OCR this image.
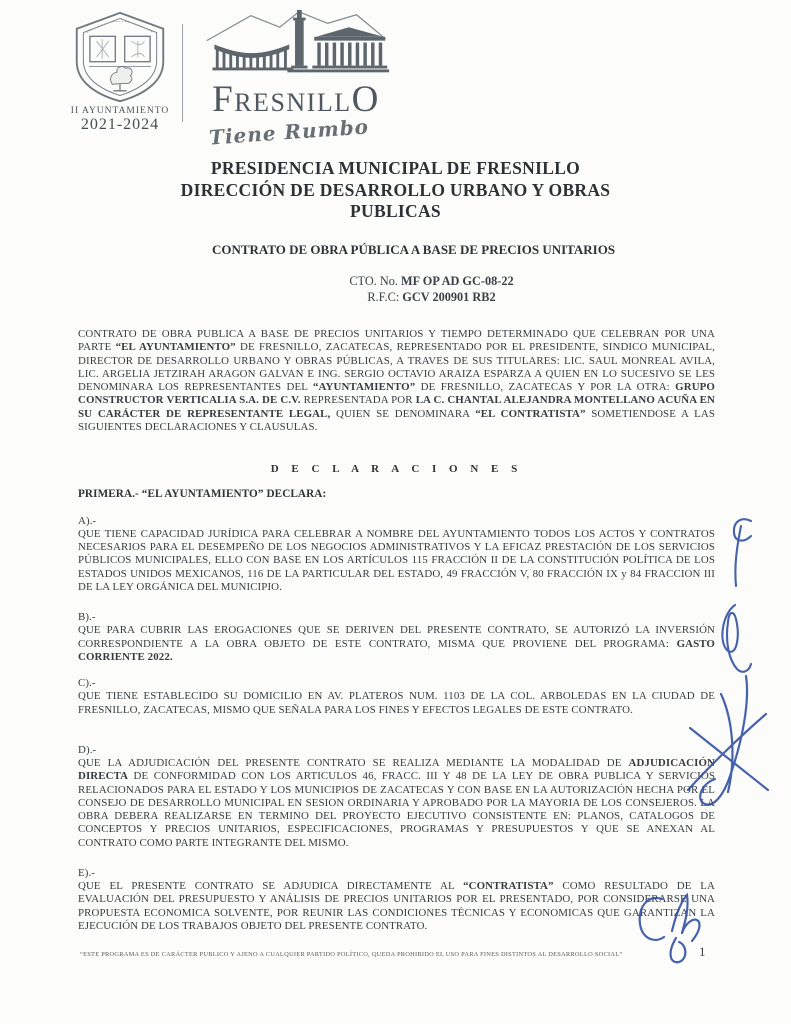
II AYUNTAMIENTO
2021-2024
FRESNILLO
Tiene Rumbo
PRESIDENCIA MUNICIPAL DE FRESNILLO
DIRECCIÓN DE DESARROLLO URBANO Y OBRAS
PUBLICAS
CONTRATO DE OBRA PÚBLICA A BASE DE PRECIOS UNITARIOS
CTO. No. MF OP AD GC-08-22
R.F.C: GCV 200901 RB2
CONTRATO DE OBRA PUBLICA A BASE DE PRECIOS UNITARIOS Y TIEMPO DETERMINADO QUE CELEBRAN POR UNA PARTE “EL AYUNTAMIENTO” DE FRESNILLO, ZACATECAS, REPRESENTADO POR EL PRESIDENTE, SINDICO MUNICIPAL, DIRECTOR DE DESARROLLO URBANO Y OBRAS PÚBLICAS, A TRAVES DE SUS TITULARES: LIC. SAUL MONREAL AVILA, LIC. ARGELIA JETZIRAH ARAGON GALVAN E ING. SERGIO OCTAVIO ARAIZA ESPARZA A QUIEN EN LO SUCESIVO SE LES DENOMINARA LOS REPRESENTANTES DEL “AYUNTAMIENTO” DE FRESNILLO, ZACATECAS Y POR LA OTRA: GRUPO CONSTRUCTOR VERTICALIA S.A. DE C.V. REPRESENTADA POR LA C. CHANTAL ALEJANDRA MONTELLANO ACUÑA EN SU CARÁCTER DE REPRESENTANTE LEGAL, QUIEN SE DENOMINARA “EL CONTRATISTA” SOMETIENDOSE A LAS SIGUIENTES DECLARACIONES Y CLAUSULAS.
D E C L A R A C I O N E S
PRIMERA.- “EL AYUNTAMIENTO” DECLARA:
A).-
QUE TIENE CAPACIDAD JURÍDICA PARA CELEBRAR A NOMBRE DEL AYUNTAMIENTO TODOS LOS ACTOS Y CONTRATOS NECESARIOS PARA EL DESEMPEÑO DE LOS NEGOCIOS ADMINISTRATIVOS Y LA EFICAZ PRESTACIÓN DE LOS SERVICIOS PÚBLICOS MUNICIPALES, ELLO CON BASE EN LOS ARTÍCULOS 115 FRACCIÓN II DE LA CONSTITUCIÓN POLÍTICA DE LOS ESTADOS UNIDOS MEXICANOS, 116 DE LA PARTICULAR DEL ESTADO, 49 FRACCIÓN V, 80 FRACCIÓN IX y 84 FRACCION III DE LA LEY ORGÁNICA DEL MUNICIPIO.
B).-
QUE PARA CUBRIR LAS EROGACIONES QUE SE DERIVEN DEL PRESENTE CONTRATO, SE AUTORIZÓ LA INVERSIÓN CORRESPONDIENTE A LA OBRA OBJETO DE ESTE CONTRATO, MISMA QUE PROVIENE DEL PROGRAMA: GASTO CORRIENTE 2022.
C).-
QUE TIENE ESTABLECIDO SU DOMICILIO EN AV. PLATEROS NUM. 1103 DE LA COL. ARBOLEDAS EN LA CIUDAD DE FRESNILLO, ZACATECAS, MISMO QUE SEÑALA PARA LOS FINES Y EFECTOS LEGALES DE ESTE CONTRATO.
D).-
QUE LA ADJUDICACIÓN DEL PRESENTE CONTRATO SE REALIZA MEDIANTE LA MODALIDAD DE ADJUDICACIÓN DIRECTA DE CONFORMIDAD CON LOS ARTICULOS 46, FRACC. III Y 48 DE LA LEY DE OBRA PUBLICA Y SERVICIOS RELACIONADOS PARA EL ESTADO Y LOS MUNICIPIOS DE ZACATECAS Y CON BASE EN LA AUTORIZACIÓN HECHA POR EL CONSEJO DE DESARROLLO MUNICIPAL EN SESION ORDINARIA Y APROBADO POR LA MAYORIA DE LOS CONSEJEROS. LA OBRA DEBERA REALIZARSE EN TERMINO DEL PROYECTO EJECUTIVO CONSISTENTE EN: PLANOS, CATALOGOS DE CONCEPTOS Y PRECIOS UNITARIOS, ESPECIFICACIONES, PROGRAMAS Y PRESUPUESTOS Y QUE SE ANEXAN AL CONTRATO COMO PARTE INTEGRANTE DEL MISMO.
E).-
QUE EL PRESENTE CONTRATO SE ADJUDICA DIRECTAMENTE AL “CONTRATISTA” COMO RESULTADO DE LA EVALUACIÓN DEL PRESUPUESTO Y ANÁLISIS DE PRECIOS UNITARIOS POR EL PRESENTADO, POR CONSIDERARSE UNA PROPUESTA ECONOMICA SOLVENTE, POR REUNIR LAS CONDICIONES TÉCNICAS Y ECONOMICAS QUE GARANTIZAN LA EJECUCIÓN DE LOS TRABAJOS OBJETO DEL PRESENTE CONTRATO.
“ESTE PROGRAMA ES DE CARÁCTER PUBLICO Y AJENO A CUALQUIER PARTIDO POLÍTICO, QUEDA PROHIBIDO EL USO PARA FINES DISTINTOS AL DESARROLLO SOCIAL”	1
